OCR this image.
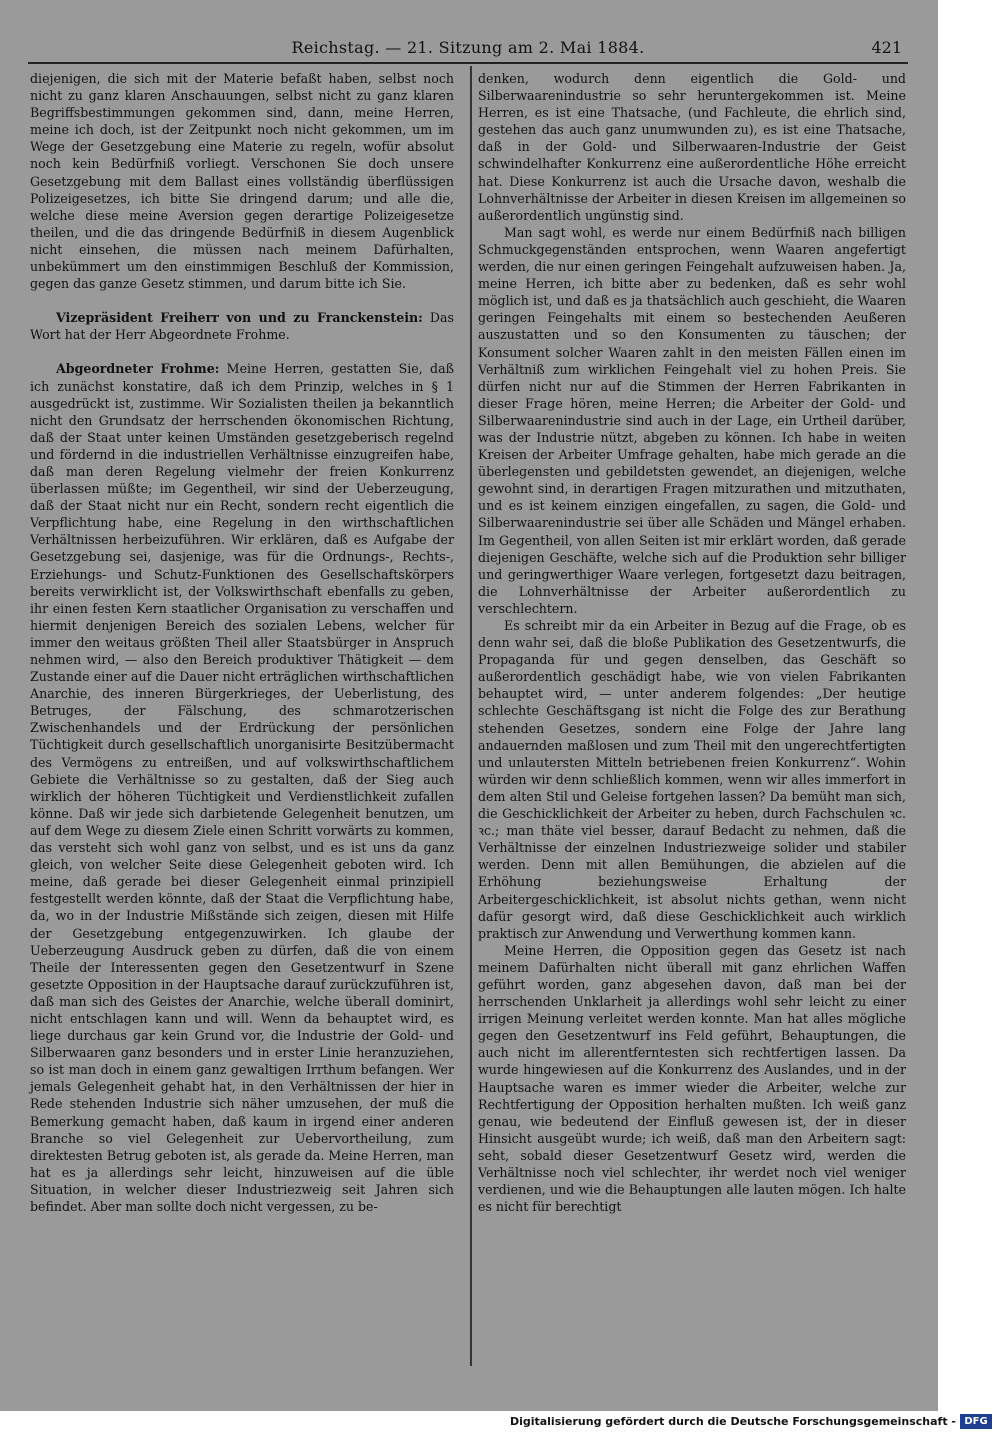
Reichstag. — 21. Sitzung am 2. Mai 1884.	421

diejenigen, die sich mit der Materie befaßt haben, selbst noch nicht zu ganz klaren Anschauungen, selbst nicht zu ganz klaren Begriffsbestimmungen gekommen sind, dann, meine Herren, meine ich doch, ist der Zeitpunkt noch nicht gekommen, um im Wege der Gesetzgebung eine Materie zu regeln, wofür absolut noch kein Bedürfniß vorliegt. Verschonen Sie doch unsere Gesetzgebung mit dem Ballast eines vollständig überflüssigen Polizeigesetzes, ich bitte Sie dringend darum; und alle die, welche diese meine Aversion gegen derartige Polizeigesetze theilen, und die das dringende Bedürfniß in diesem Augenblick nicht einsehen, die müssen nach meinem Dafürhalten, unbekümmert um den einstimmigen Beschluß der Kommission, gegen das ganze Gesetz stimmen, und darum bitte ich Sie.

Vizepräsident Freiherr von und zu Franckenstein: Das Wort hat der Herr Abgeordnete Frohme.

Abgeordneter Frohme: Meine Herren, gestatten Sie, daß ich zunächst konstatire, daß ich dem Prinzip, welches in § 1 ausgedrückt ist, zustimme. Wir Sozialisten theilen ja bekanntlich nicht den Grundsatz der herrschenden ökonomischen Richtung, daß der Staat unter keinen Umständen gesetzgeberisch regelnd und fördernd in die industriellen Verhältnisse einzugreifen habe, daß man deren Regelung vielmehr der freien Konkurrenz überlassen müßte; im Gegentheil, wir sind der Ueberzeugung, daß der Staat nicht nur ein Recht, sondern recht eigentlich die Verpflichtung habe, eine Regelung in den wirthschaftlichen Verhältnissen herbeizuführen. Wir erklären, daß es Aufgabe der Gesetzgebung sei, dasjenige, was für die Ordnungs-, Rechts-, Erziehungs- und Schutz-Funktionen des Gesellschaftskörpers bereits verwirklicht ist, der Volkswirthschaft ebenfalls zu geben, ihr einen festen Kern staatlicher Organisation zu verschaffen und hiermit denjenigen Bereich des sozialen Lebens, welcher für immer den weitaus größten Theil aller Staatsbürger in Anspruch nehmen wird, — also den Bereich produktiver Thätigkeit — dem Zustande einer auf die Dauer nicht erträglichen wirthschaftlichen Anarchie, des inneren Bürgerkrieges, der Ueberlistung, des Betruges, der Fälschung, des schmarotzerischen Zwischenhandels und der Erdrückung der persönlichen Tüchtigkeit durch gesellschaftlich unorganisirte Besitzübermacht des Vermögens zu entreißen, und auf volkswirthschaftlichem Gebiete die Verhältnisse so zu gestalten, daß der Sieg auch wirklich der höheren Tüchtigkeit und Verdienstlichkeit zufallen könne. Daß wir jede sich darbietende Gelegenheit benutzen, um auf dem Wege zu diesem Ziele einen Schritt vorwärts zu kommen, das versteht sich wohl ganz von selbst, und es ist uns da ganz gleich, von welcher Seite diese Gelegenheit geboten wird. Ich meine, daß gerade bei dieser Gelegenheit einmal prinzipiell festgestellt werden könnte, daß der Staat die Verpflichtung habe, da, wo in der Industrie Mißstände sich zeigen, diesen mit Hilfe der Gesetzgebung entgegenzuwirken. Ich glaube der Ueberzeugung Ausdruck geben zu dürfen, daß die von einem Theile der Interessenten gegen den Gesetzentwurf in Szene gesetzte Opposition in der Hauptsache darauf zurückzuführen ist, daß man sich des Geistes der Anarchie, welche überall dominirt, nicht entschlagen kann und will. Wenn da behauptet wird, es liege durchaus gar kein Grund vor, die Industrie der Gold- und Silberwaaren ganz besonders und in erster Linie heranzuziehen, so ist man doch in einem ganz gewaltigen Irrthum befangen. Wer jemals Gelegenheit gehabt hat, in den Verhältnissen der hier in Rede stehenden Industrie sich näher umzusehen, der muß die Bemerkung gemacht haben, daß kaum in irgend einer anderen Branche so viel Gelegenheit zur Uebervortheilung, zum direktesten Betrug geboten ist, als gerade da. Meine Herren, man hat es ja allerdings sehr leicht, hinzuweisen auf die üble Situation, in welcher dieser Industriezweig seit Jahren sich befindet. Aber man sollte doch nicht vergessen, zu be-

denken, wodurch denn eigentlich die Gold- und Silberwaarenindustrie so sehr heruntergekommen ist. Meine Herren, es ist eine Thatsache, (und Fachleute, die ehrlich sind, gestehen das auch ganz unumwunden zu), es ist eine Thatsache, daß in der Gold- und Silberwaaren-Industrie der Geist schwindelhafter Konkurrenz eine außerordentliche Höhe erreicht hat. Diese Konkurrenz ist auch die Ursache davon, weshalb die Lohnverhältnisse der Arbeiter in diesen Kreisen im allgemeinen so außerordentlich ungünstig sind.

Man sagt wohl, es werde nur einem Bedürfniß nach billigen Schmuckgegenständen entsprochen, wenn Waaren angefertigt werden, die nur einen geringen Feingehalt aufzuweisen haben. Ja, meine Herren, ich bitte aber zu bedenken, daß es sehr wohl möglich ist, und daß es ja thatsächlich auch geschieht, die Waaren geringen Feingehalts mit einem so bestechenden Aeußeren auszustatten und so den Konsumenten zu täuschen; der Konsument solcher Waaren zahlt in den meisten Fällen einen im Verhältniß zum wirklichen Feingehalt viel zu hohen Preis. Sie dürfen nicht nur auf die Stimmen der Herren Fabrikanten in dieser Frage hören, meine Herren; die Arbeiter der Gold- und Silberwaarenindustrie sind auch in der Lage, ein Urtheil darüber, was der Industrie nützt, abgeben zu können. Ich habe in weiten Kreisen der Arbeiter Umfrage gehalten, habe mich gerade an die überlegensten und gebildetsten gewendet, an diejenigen, welche gewohnt sind, in derartigen Fragen mitzurathen und mitzuthaten, und es ist keinem einzigen eingefallen, zu sagen, die Gold- und Silberwaarenindustrie sei über alle Schäden und Mängel erhaben. Im Gegentheil, von allen Seiten ist mir erklärt worden, daß gerade diejenigen Geschäfte, welche sich auf die Produktion sehr billiger und geringwerthiger Waare verlegen, fortgesetzt dazu beitragen, die Lohnverhältnisse der Arbeiter außerordentlich zu verschlechtern.

Es schreibt mir da ein Arbeiter in Bezug auf die Frage, ob es denn wahr sei, daß die bloße Publikation des Gesetzentwurfs, die Propaganda für und gegen denselben, das Geschäft so außerordentlich geschädigt habe, wie von vielen Fabrikanten behauptet wird, — unter anderem folgendes: „Der heutige schlechte Geschäftsgang ist nicht die Folge des zur Berathung stehenden Gesetzes, sondern eine Folge der Jahre lang andauernden maßlosen und zum Theil mit den ungerechtfertigten und unlautersten Mitteln betriebenen freien Konkurrenz“. Wohin würden wir denn schließlich kommen, wenn wir alles immerfort in dem alten Stil und Geleise fortgehen lassen? Da bemüht man sich, die Geschicklichkeit der Arbeiter zu heben, durch Fachschulen ꝛc. ꝛc.; man thäte viel besser, darauf Bedacht zu nehmen, daß die Verhältnisse der einzelnen Industriezweige solider und stabiler werden. Denn mit allen Bemühungen, die abzielen auf die Erhöhung beziehungsweise Erhaltung der Arbeitergeschicklichkeit, ist absolut nichts gethan, wenn nicht dafür gesorgt wird, daß diese Geschicklichkeit auch wirklich praktisch zur Anwendung und Verwerthung kommen kann.

Meine Herren, die Opposition gegen das Gesetz ist nach meinem Dafürhalten nicht überall mit ganz ehrlichen Waffen geführt worden, ganz abgesehen davon, daß man bei der herrschenden Unklarheit ja allerdings wohl sehr leicht zu einer irrigen Meinung verleitet werden konnte. Man hat alles mögliche gegen den Gesetzentwurf ins Feld geführt, Behauptungen, die auch nicht im allerentferntesten sich rechtfertigen lassen. Da wurde hingewiesen auf die Konkurrenz des Auslandes, und in der Hauptsache waren es immer wieder die Arbeiter, welche zur Rechtfertigung der Opposition herhalten mußten. Ich weiß ganz genau, wie bedeutend der Einfluß gewesen ist, der in dieser Hinsicht ausgeübt wurde; ich weiß, daß man den Arbeitern sagt: seht, sobald dieser Gesetzentwurf Gesetz wird, werden die Verhältnisse noch viel schlechter, ihr werdet noch viel weniger verdienen, und wie die Behauptungen alle lauten mögen. Ich halte es nicht für berechtigt

Digitalisierung gefördert durch die Deutsche Forschungsgemeinschaft - DFG
